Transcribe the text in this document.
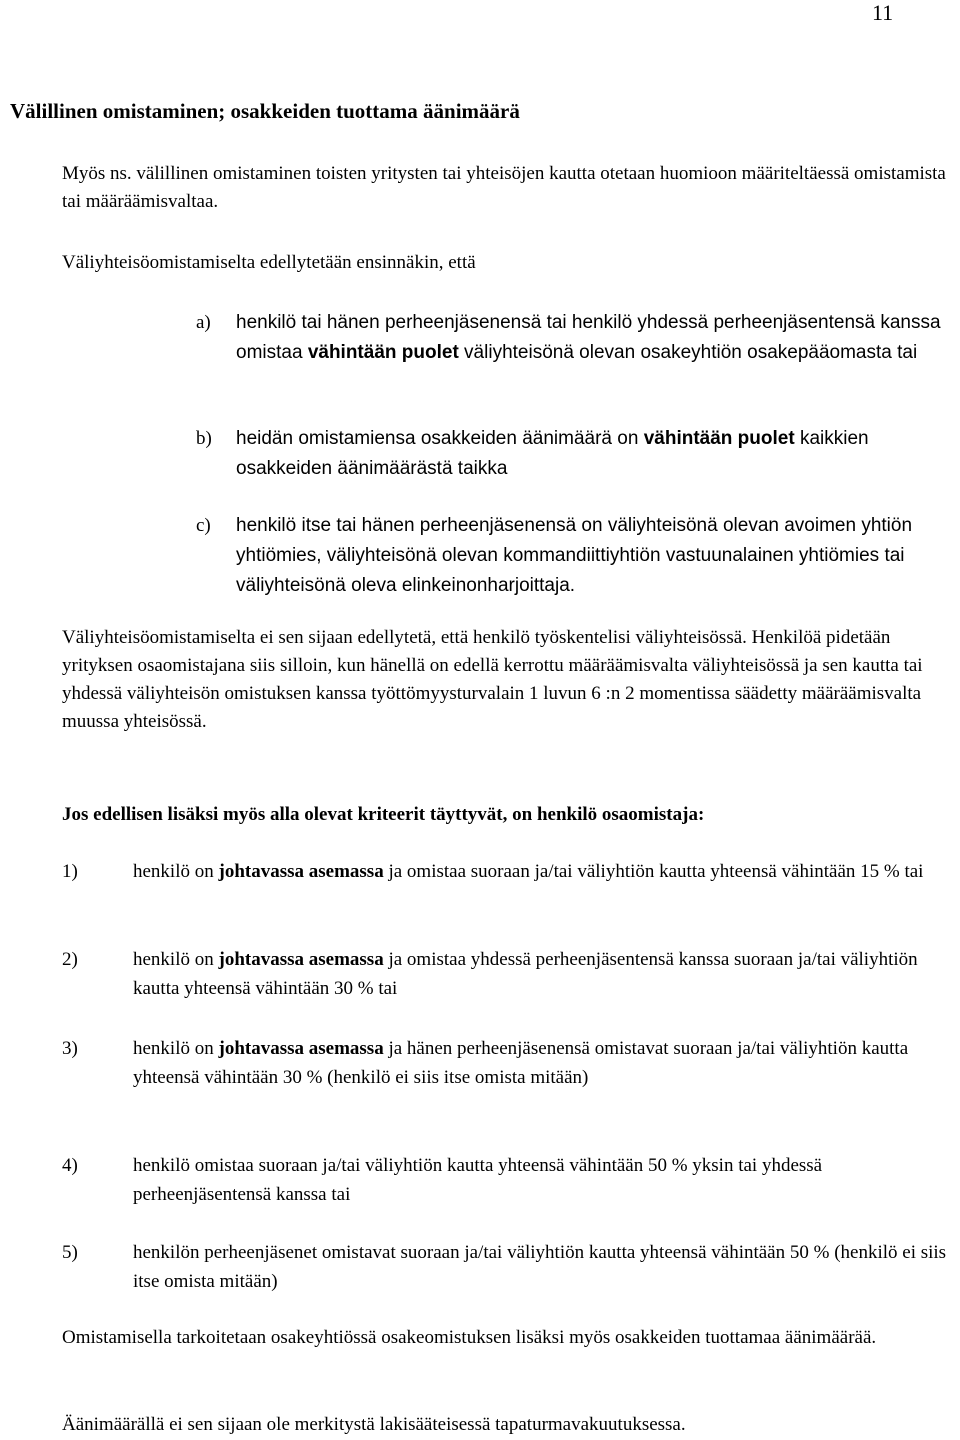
11
Välillinen omistaminen; osakkeiden tuottama äänimäärä
Myös ns. välillinen omistaminen toisten yritysten tai yhteisöjen kautta otetaan huomioon määriteltäessä omistamista tai määräämisvaltaa.
Väliyhteisöomistamiselta edellytetään ensinnäkin, että
a) henkilö tai hänen perheenjäsenensä tai henkilö yhdessä perheenjäsentensä kanssa omistaa vähintään puolet väliyhteisönä olevan osakeyhtiön osakepääomasta tai
b) heidän omistamiensa osakkeiden äänimäärä on vähintään puolet kaikkien osakkeiden äänimäärästä taikka
c) henkilö itse tai hänen perheenjäsenensä on väliyhteisönä olevan avoimen yhtiön yhtiömies, väliyhteisönä olevan kommandiittiyhtiön vastuunalainen yhtiömies tai väliyhteisönä oleva elinkeinonharjoittaja.
Väliyhteisöomistamiselta ei sen sijaan edellytetä, että henkilö työskentelisi väliyhteisössä. Henkilöä pidetään yrityksen osaomistajana siis silloin, kun hänellä on edellä kerrottu määräämisvalta väliyhteisössä ja sen kautta tai yhdessä väliyhteisön omistuksen kanssa työttömyysturvalain 1 luvun 6 :n 2 momentissa säädetty määräämisvalta muussa yhteisössä.
Jos edellisen lisäksi myös alla olevat kriteerit täyttyvät, on henkilö osaomistaja:
1)	henkilö on johtavassa asemassa ja omistaa suoraan ja/tai väliyhtiön kautta yhteensä vähintään 15 % tai
2)	henkilö on johtavassa asemassa ja omistaa yhdessä perheenjäsentensä kanssa suoraan ja/tai väliyhtiön kautta yhteensä vähintään 30 % tai
3)	henkilö on johtavassa asemassa ja hänen perheenjäsenensä omistavat suoraan ja/tai väliyhtiön kautta yhteensä vähintään 30 % (henkilö ei siis itse omista mitään)
4)	henkilö omistaa suoraan ja/tai väliyhtiön kautta yhteensä vähintään 50 % yksin tai yhdessä perheenjäsentensä kanssa tai
5)	henkilön perheenjäsenet omistavat suoraan ja/tai väliyhtiön kautta yhteensä vähintään 50 % (henkilö ei siis itse omista mitään)
Omistamisella tarkoitetaan osakeyhtiössä osakeomistuksen lisäksi myös osakkeiden tuottamaa äänimäärää.
Äänimäärällä ei sen sijaan ole merkitystä lakisääteisessä tapaturmavakuutuksessa.
